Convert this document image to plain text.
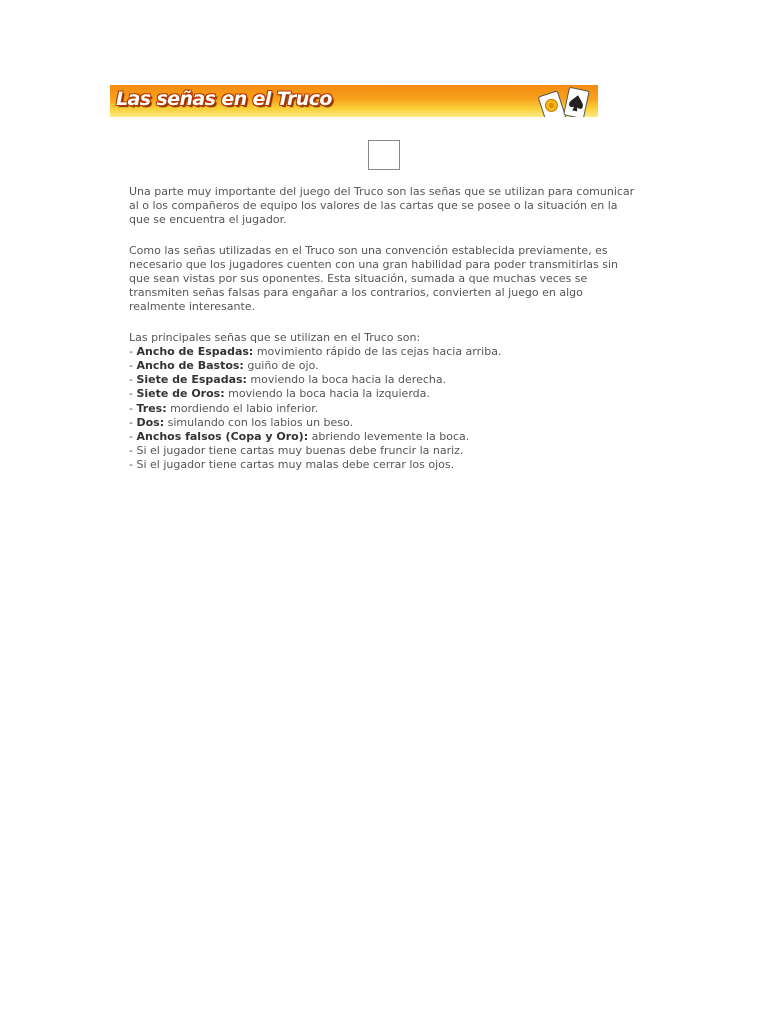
Las señas en el Truco

Una parte muy importante del juego del Truco son las señas que se utilizan para comunicar al o los compañeros de equipo los valores de las cartas que se posee o la situación en la que se encuentra el jugador.

Como las señas utilizadas en el Truco son una convención establecida previamente, es necesario que los jugadores cuenten con una gran habilidad para poder transmitirlas sin que sean vistas por sus oponentes. Esta situación, sumada a que muchas veces se transmiten señas falsas para engañar a los contrarios, convierten al juego en algo realmente interesante.

Las principales señas que se utilizan en el Truco son:
- Ancho de Espadas: movimiento rápido de las cejas hacia arriba.
- Ancho de Bastos: guiño de ojo.
- Siete de Espadas: moviendo la boca hacia la derecha.
- Siete de Oros: moviendo la boca hacia la izquierda.
- Tres: mordiendo el labio inferior.
- Dos: simulando con los labios un beso.
- Anchos falsos (Copa y Oro): abriendo levemente la boca.
- Si el jugador tiene cartas muy buenas debe fruncir la nariz.
- Si el jugador tiene cartas muy malas debe cerrar los ojos.
